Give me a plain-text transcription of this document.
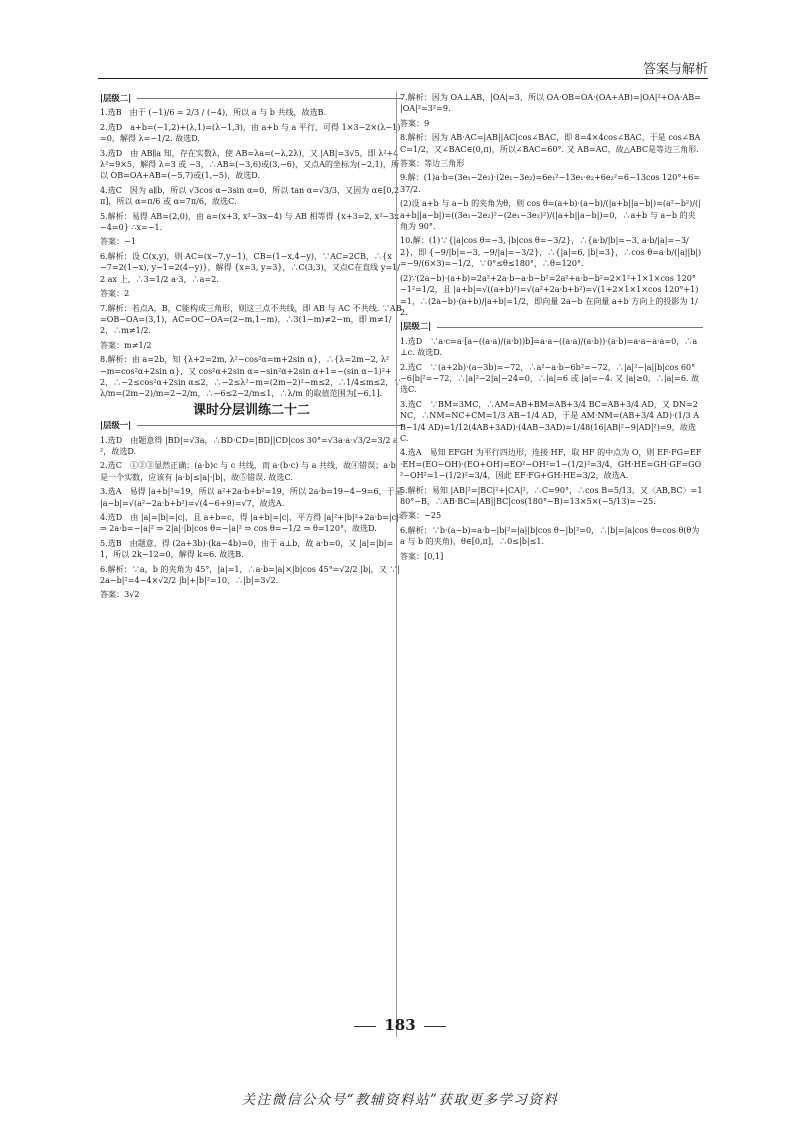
答案与解析
|层级二|
1.选B　由于 (−1)/6 = 2/3 / (−4)，所以 a 与 b 共线，故选B.
2.选D　a+b=(−1,2)+(λ,1)=(λ−1,3)，由 a+b 与 a 平行，可得 1×3−2×(λ−1)=0，解得 λ=−1/2. 故选D.
3.选D　由 AB∥a 知，存在实数λ，使 AB=λa=(−λ,2λ)，又 |AB|=3√5，即 λ²+4λ²=9×5，解得 λ=3 或 −3，∴AB=(−3,6)或(3,−6)，又点A的坐标为(−2,1)，所以 OB=OA+AB=(−5,7)或(1,−5)，故选D.
4.选C　因为 a∥b，所以 √3cos α−3sin α=0，所以 tan α=√3/3，又因为 α∈[0,2π]，所以 α=π/6 或 α=7π/6，故选C.
5.解析：易得 AB=(2,0)，由 a=(x+3, x²−3x−4) 与 AB 相等得 {x+3=2, x²−3x−4=0} ∴x=−1.
答案：−1
6.解析：设 C(x,y)，则 AC=(x−7,y−1)，CB=(1−x,4−y)，∵AC=2CB，∴{x−7=2(1−x), y−1=2(4−y)}，解得 {x=3, y=3}，∴C(3,3)，又点C在直线 y=1/2 ax 上，∴3=1/2 a·3，∴a=2.
答案：2
7.解析：若点A，B，C能构成三角形，则这三点不共线，即 AB 与 AC 不共线. ∵AB=OB−OA=(3,1)，AC=OC−OA=(2−m,1−m)，∴3(1−m)≠2−m，即 m≠1/2，∴m≠1/2.
答案：m≠1/2
8.解析：由 a=2b，知 {λ+2=2m, λ²−cos²α=m+2sin α}，∴{λ=2m−2, λ²−m=cos²α+2sin α}，又 cos²α+2sin α=−sin²α+2sin α+1=−(sin α−1)²+2，∴−2≤cos²α+2sin α≤2，∴−2≤λ²−m=(2m−2)²−m≤2，∴1/4≤m≤2，∵λ/m=(2m−2)/m=2−2/m，∴−6≤2−2/m≤1，∴λ/m 的取值范围为[−6,1].
课时分层训练二十二
|层级一|
1.选D　由题意得 |BD|=√3a，∴BD·CD=|BD||CD|cos 30°=√3a·a·√3/2=3/2 a²，故选D.
2.选C　①②③显然正确；(a·b)c 与 c 共线，而 a·(b·c) 与 a 共线，故④错误；a·b 是一个实数，应该有 |a·b|≤|a|·|b|，故⑤错误. 故选C.
3.选A　易得 |a+b|²=19，所以 a²+2a·b+b²=19，所以 2a·b=19−4−9=6，于是 |a−b|=√(a²−2a·b+b²)=√(4−6+9)=√7，故选A.
4.选D　由 |a|=|b|=|c|，且 a+b=c，得 |a+b|=|c|，平方得 |a|²+|b|²+2a·b=|c|² ⇒ 2a·b=−|a|² ⇒ 2|a|·|b|cos θ=−|a|² ⇒ cos θ=−1/2 ⇒ θ=120°，故选D.
5.选B　由题意，得 (2a+3b)·(ka−4b)=0，由于 a⊥b，故 a·b=0，又 |a|=|b|=1，所以 2k−12=0，解得 k=6. 故选B.
6.解析：∵a，b 的夹角为 45°，|a|=1，∴a·b=|a|×|b|cos 45°=√2/2 |b|，又 ∵|2a−b|²=4−4×√2/2 |b|+|b|²=10，∴|b|=3√2.
答案：3√2
7.解析：因为 OA⊥AB，|OA|=3，所以 OA·OB=OA·(OA+AB)=|OA|²+OA·AB=|OA|²=3²=9.
答案：9
8.解析：因为 AB·AC=|AB||AC|cos∠BAC，即 8=4×4cos∠BAC，于是 cos∠BAC=1/2，又∠BAC∈(0,π)，所以∠BAC=60°. 又 AB=AC，故△ABC是等边三角形.
答案：等边三角形
9.解：(1)a·b=(3e₁−2e₂)·(2e₁−3e₂)=6e₁²−13e₁·e₂+6e₂²=6−13cos 120°+6=37/2.
(2)设 a+b 与 a−b 的夹角为θ，则 cos θ=(a+b)·(a−b)/(|a+b||a−b|)=(a²−b²)/(|a+b||a−b|)=((3e₁−2e₂)²−(2e₁−3e₂)²)/(|a+b||a−b|)=0，∴a+b 与 a−b 的夹角为 90°.
10.解：(1)∵{|a|cos θ=−3, |b|cos θ=−3/2}，∴{a·b/|b|=−3, a·b/|a|=−3/2}，即 {−9/|b|=−3, −9/|a|=−3/2}，∴{|a|=6, |b|=3}，∴cos θ=a·b/(|a||b|)=−9/(6×3)=−1/2，∵0°≤θ≤180°，∴θ=120°.
(2)∵(2a−b)·(a+b)=2a²+2a·b−a·b−b²=2a²+a·b−b²=2×1²+1×1×cos 120°−1²=1/2，且 |a+b|=√((a+b)²)=√(a²+2a·b+b²)=√(1+2×1×1×cos 120°+1)=1，∴(2a−b)·(a+b)/|a+b|=1/2，即向量 2a−b 在向量 a+b 方向上的投影为 1/2.
|层级二|
1.选D　∵a·c=a·[a−((a·a)/(a·b))b]=a·a−((a·a)/(a·b))·(a·b)=a·a−a·a=0，∴a⊥c. 故选D.
2.选C　∵(a+2b)·(a−3b)=−72，∴a²−a·b−6b²=−72，∴|a|²−|a||b|cos 60°−6|b|²=−72，∴|a|²−2|a|−24=0，∴|a|=6 或 |a|=−4. 又 |a|≥0，∴|a|=6. 故选C.
3.选C　∵BM=3MC，∴AM=AB+BM=AB+3/4 BC=AB+3/4 AD，又 DN=2NC，∴NM=NC+CM=1/3 AB−1/4 AD，于是 AM·NM=(AB+3/4 AD)·(1/3 AB−1/4 AD)=1/12(4AB+3AD)·(4AB−3AD)=1/48(16|AB|²−9|AD|²)=9，故选C.
4.选A　易知 EFGH 为平行四边形，连接 HF，取 HF 的中点为 O，则 EF·FG=EF·EH=(EO−OH)·(EO+OH)=EO²−OH²=1−(1/2)²=3/4，GH·HE=GH·GF=GO²−OH²=1−(1/2)²=3/4，因此 EF·FG+GH·HE=3/2，故选A.
5.解析：易知 |AB|²=|BC|²+|CA|²，∴C=90°，∴cos B=5/13，又〈AB,BC〉=180°−B，∴AB·BC=|AB||BC|cos(180°−B)=13×5×(−5/13)=−25.
答案：−25
6.解析：∵b·(a−b)=a·b−|b|²=|a||b|cos θ−|b|²=0，∴|b|=|a|cos θ=cos θ(θ为 a 与 b 的夹角)，θ∈[0,π]，∴0≤|b|≤1.
答案：[0,1]
183
关注微信公众号“教辅资料站”获取更多学习资料
